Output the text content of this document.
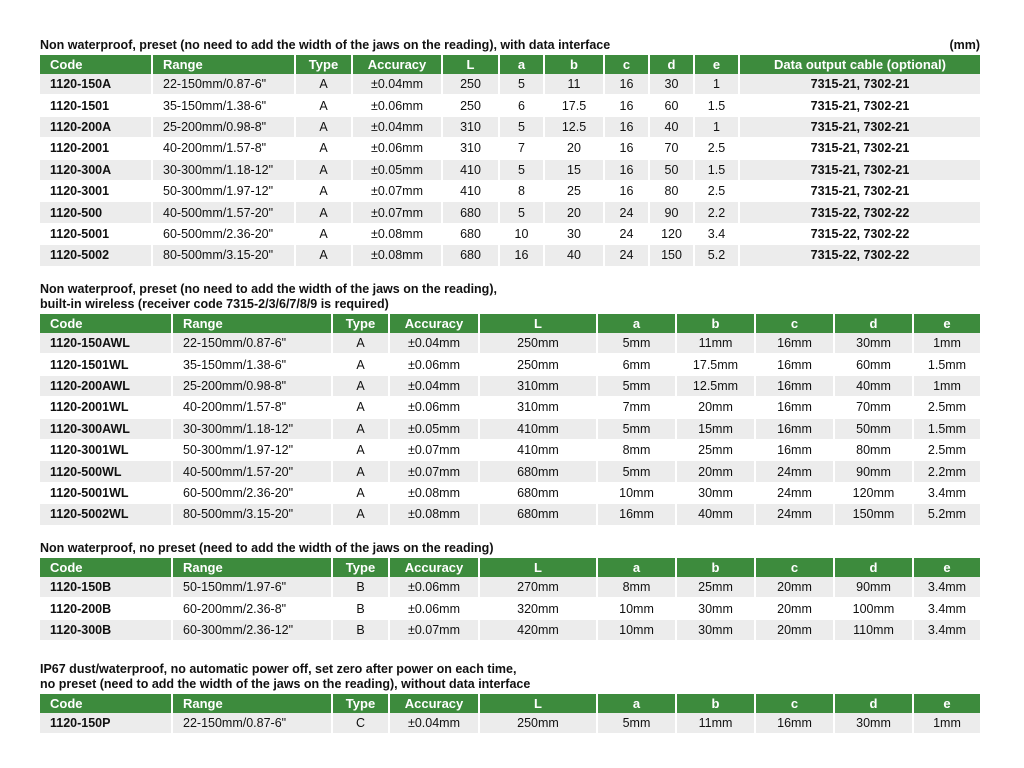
Non waterproof, preset (no need to add the width of the jaws on the reading), with data interface	(mm)
Code	Range	Type	Accuracy	L	a	b	c	d	e	Data output cable (optional)
1120-150A	22-150mm/0.87-6"	A	±0.04mm	250	5	11	16	30	1	7315-21, 7302-21
1120-1501	35-150mm/1.38-6"	A	±0.06mm	250	6	17.5	16	60	1.5	7315-21, 7302-21
1120-200A	25-200mm/0.98-8"	A	±0.04mm	310	5	12.5	16	40	1	7315-21, 7302-21
1120-2001	40-200mm/1.57-8"	A	±0.06mm	310	7	20	16	70	2.5	7315-21, 7302-21
1120-300A	30-300mm/1.18-12"	A	±0.05mm	410	5	15	16	50	1.5	7315-21, 7302-21
1120-3001	50-300mm/1.97-12"	A	±0.07mm	410	8	25	16	80	2.5	7315-21, 7302-21
1120-500	40-500mm/1.57-20"	A	±0.07mm	680	5	20	24	90	2.2	7315-22, 7302-22
1120-5001	60-500mm/2.36-20"	A	±0.08mm	680	10	30	24	120	3.4	7315-22, 7302-22
1120-5002	80-500mm/3.15-20"	A	±0.08mm	680	16	40	24	150	5.2	7315-22, 7302-22
Non waterproof, preset (no need to add the width of the jaws on the reading),
built-in wireless (receiver code 7315-2/3/6/7/8/9 is required)
Code	Range	Type	Accuracy	L	a	b	c	d	e
1120-150AWL	22-150mm/0.87-6"	A	±0.04mm	250mm	5mm	11mm	16mm	30mm	1mm
1120-1501WL	35-150mm/1.38-6"	A	±0.06mm	250mm	6mm	17.5mm	16mm	60mm	1.5mm
1120-200AWL	25-200mm/0.98-8"	A	±0.04mm	310mm	5mm	12.5mm	16mm	40mm	1mm
1120-2001WL	40-200mm/1.57-8"	A	±0.06mm	310mm	7mm	20mm	16mm	70mm	2.5mm
1120-300AWL	30-300mm/1.18-12"	A	±0.05mm	410mm	5mm	15mm	16mm	50mm	1.5mm
1120-3001WL	50-300mm/1.97-12"	A	±0.07mm	410mm	8mm	25mm	16mm	80mm	2.5mm
1120-500WL	40-500mm/1.57-20"	A	±0.07mm	680mm	5mm	20mm	24mm	90mm	2.2mm
1120-5001WL	60-500mm/2.36-20"	A	±0.08mm	680mm	10mm	30mm	24mm	120mm	3.4mm
1120-5002WL	80-500mm/3.15-20"	A	±0.08mm	680mm	16mm	40mm	24mm	150mm	5.2mm
Non waterproof, no preset (need to add the width of the jaws on the reading)
Code	Range	Type	Accuracy	L	a	b	c	d	e
1120-150B	50-150mm/1.97-6"	B	±0.06mm	270mm	8mm	25mm	20mm	90mm	3.4mm
1120-200B	60-200mm/2.36-8"	B	±0.06mm	320mm	10mm	30mm	20mm	100mm	3.4mm
1120-300B	60-300mm/2.36-12"	B	±0.07mm	420mm	10mm	30mm	20mm	110mm	3.4mm
IP67 dust/waterproof, no automatic power off, set zero after power on each time,
no preset (need to add the width of the jaws on the reading), without data interface
Code	Range	Type	Accuracy	L	a	b	c	d	e
1120-150P	22-150mm/0.87-6"	C	±0.04mm	250mm	5mm	11mm	16mm	30mm	1mm
